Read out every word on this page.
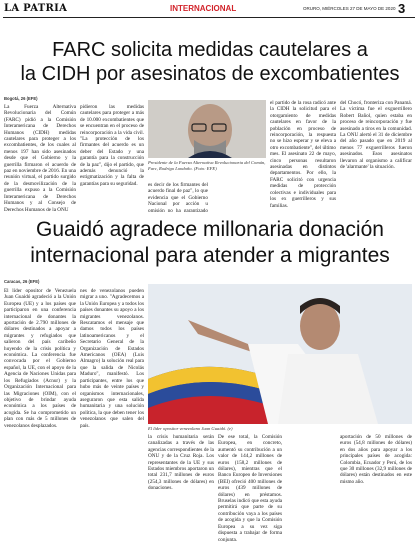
LA PATRIA	INTERNACIONAL	ORURO, MIÉRCOLES 27 DE MAYO DE 2020 3
FARC solicita medidas cautelares a
la CIDH por asesinatos de excombatientes
Bogotá, 26 (EFE)
La Fuerza Alternativa Revolucionaria del Común (FARC) pidió a la Comisión Interamericana de Derechos Humanos (CIDH) medidas cautelares para proteger a los excombatientes, de los cuales al menos 197 han sido asesinados desde que el Gobierno y la guerrilla firmaron el acuerdo de paz en noviembre de 2016. En una reunión virtual, el partido surgido de la desmovilización de la guerrilla expuso a la Comisión Interamericana de Derechos Humanos y al Consejo de Derechos Humanos de la ONU
pidieron las medidas cautelares para proteger a más de 10.000 excombatientes que se encuentran en el proceso de reincorporación a la vida civil. "La protección de los firmantes del acuerdo es un deber del Estado y una garantía para la construcción de la paz", dijo el partido, que además denunció la estigmatización y la falta de garantías para su seguridad.
Presidente de la Fuerza Alternativa Revolucionaria del Común, Farc, Rodrigo Londoño. (Foto: EFE)
es decir de los firmantes del acuerdo final de paz", lo que evidencia que el Gobierno Nacional por acción u omisión no ha garantizado
el partido de la rosa radicó ante la CIDH la solicitud para el otorgamiento de medidas cautelares en favor de la población en proceso de reincorporación, la respuesta no se hizo esperar y se eleva a otro excombatiente", del último mes. El asesinato 22 de mayo, cinco personas resultaron asesinadas en distintos departamentos. Por ello, la FARC solicitó con urgencia medidas de protección colectivas e individuales para los ex guerrilleros y sus familias.
del Chocó, fronteriza con Panamá. La víctima fue el exguerrillero Robert Bañol, quien estaba en proceso de reincorporación y fue asesinado a tiros en la comunidad. La ONU alertó el 31 de diciembre del año pasado que en 2019 al menos 77 exguerrilleros fueron asesinados. Esos asesinatos llevaron al organismo a calificar de 'alarmante' la situación.
Guaidó agradece millonaria donación
internacional para atender a migrantes
Caracas, 26 (EFE)
El líder opositor de Venezuela Juan Guaidó agradeció a la Unión Europea (UE) y a los países que participaron en una conferencia internacional de donantes la aportación de 2.790 millones de dólares destinados a apoyar a migrantes y refugiados que salieron del país caribeño huyendo de la crisis política y económica. La conferencia fue convocada por el Gobierno español, la UE, con el apoyo de la Agencia de Naciones Unidas para los Refugiados (Acnur) y la Organización Internacional para las Migraciones (OIM), con el objetivo de brindar ayuda económica a los países de acogida. Se ha comprometido un plan con más de 5 millones de venezolanos desplazados.
nes de venezolanos pueden migrar a uno. "Agradecemos a la Unión Europea y a todos los países donantes su apoyo a los migrantes venezolanos. Rescatamos el mensaje que damos todos los países latinoamericanos y el Secretario General de la Organización de Estados Americanos (OEA) (Luis Almagro) la solución real para que la salida de Nicolás Maduro", manifestó. Los participantes, entre los que hubo más de veinte países y organismos internacionales, aseguraron que esta salida humanitaria y una solución política, la que deben tener los venezolanos que salen del país.	El líder opositor venezolano Juan Guaidó. (e)
la crisis humanitaria serán canalizadas a través de las agencias correspondientes de la ONU y de la Cruz Roja. Los representantes de la UE y sus Estados miembros aportaron un total 231,7 millones de euros (254,3 millones de dólares) en donaciones.
De ese total, la Comisión Europea, en concreto, aumentó su contribución a un valor de 144,2 millones de euros (158,2 millones de dólares), mientras que el Banco Europeo de Inversiones (BEI) ofreció 400 millones de euros (439 millones de dólares) en préstamos. Bruselas indicó que esta ayuda permitirá que parte de su contribución vaya a los países de acogida y que la Comisión Europea a su vez siga dispuesta a trabajar de forma conjunta.
aportación de 50 millones de euros (54,8 millones de dólares) en dos años para apoyar a los principales países de acogida: Colombia, Ecuador y Perú, de los que 30 millones (32,9 millones de dólares) están destinados en este mismo año.
